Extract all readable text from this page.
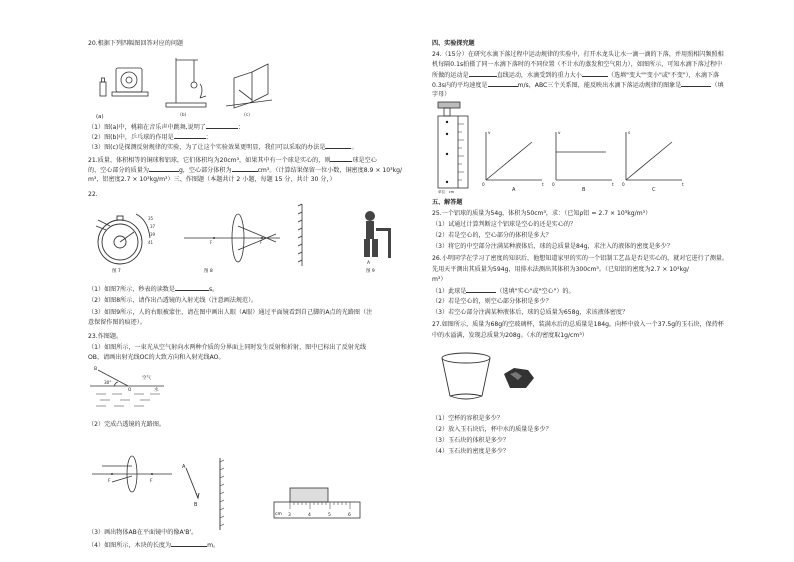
20.根据下列四幅图回答对应的问题
(a)	(b)	(c)
（1）图(a)中，桃箱在音乐声中跳舞,说明了	；
（2）图(b)中，乒乓球的作用是	；
（3）图(c)是探测反射规律的实验，为了让这个实验效果更明显，我们可以采取的办法是	。
21.质量、体积相等的铜球和铝球，它们体积均为20cm³，如果其中有一个球是实心的，则	球是空心
的，空心部分的质量为	g，空心部分体积为	cm³。（计算结果保留一位小数，铜密度8.9 × 10³kg/
m³，铝密度2.7 × 10³kg/m³）三、作图题（本题共计 2 小题，每题 15 分，共计 30 分，）
22.
35
37
39
41
图 7
F	F
图 8
A
图 9
（1）如图7所示，秒表的读数是	s。
（2）如图8所示，请作出凸透镜的入射光线（注意画法规范）。
（3）如图9所示，人的右眼被蒙住，请在图中画出人眼（A眼）通过平面镜看到自己脚的A点的光路图（注
意保留作图的痕迹）。
23.作图题。
（1）如图所示，一束光从空气射向水两种介质的分界面上同时发生反射和折射，图中已标出了反射光线
OB，请画出射光线OC的大致方向和入射光线AO。
B
30°
空气
O	水
（2）完成凸透镜的光路图。
F	F
A
B
cm 3	4	5	6
（3）画出物体AB在平面镜中的像A'B'。
（4）如图所示，木块的长度为	m。
四、实验探究题
24.（15分）在研究水滴下落过程中运动规律的实验中，打开水龙头让水一滴一滴的下落，并用照相闪频照相
机每隔0.1s拍摄了同一水滴下落时的不同位置（不计水的蒸发和空气阻力），如图所示，可知水滴下落过程中
所做的运动是	直线运动，水滴受到的重力大小	（选填"变大""变小"或"不变"），水滴下落
0.3s内的平均速度是	m/s，ABC三个关系图，能反映出水滴下落运动规律的图象是	（填
字母）
单位：cm
0
v
t 0
v
t 0
s
t
A	B	C
五、解答题
25.一个铝球的质量为54g，体积为50cm³，求：（已知ρ铝 = 2.7 × 10³kg/m³）
（1）试通过计算判断这个铝球是空心的还是实心的？
（2）若是空心的，空心部分的体积是多大？
（3）将它的中空部分注满某种液体后，球的总质量是84g，求注入的液体的密度是多少？
26.小明同学在学习了密度的知识后，他想知道家里的实的一个铝制工艺品是否是实心的，就对它进行了测量。
先用天平测出其质量为594g，用排水法测出其体积为300cm³。（已知铝的密度为2.7 × 10³kg/
m³）
（1）此球是	（选填"实心"或"空心"）的。
（2）若是空心的，则空心部分体积是多少？
（3）若空心部分注满某种液体后，球的总质量为658g，求该液体密度？
27.如图所示，质量为68g的空玻璃杯，装满水后的总质量是184g，向杯中放入一个37.5g的玉石块，保持杯
中的水溢满，发现总质量为208g。（水的密度取1g/cm³）
（1）空杯的容积是多少？
（2）放入玉石块后，杯中水的质量是多少？
（3）玉石块的体积是多少？
（4）玉石块的密度是多少？
